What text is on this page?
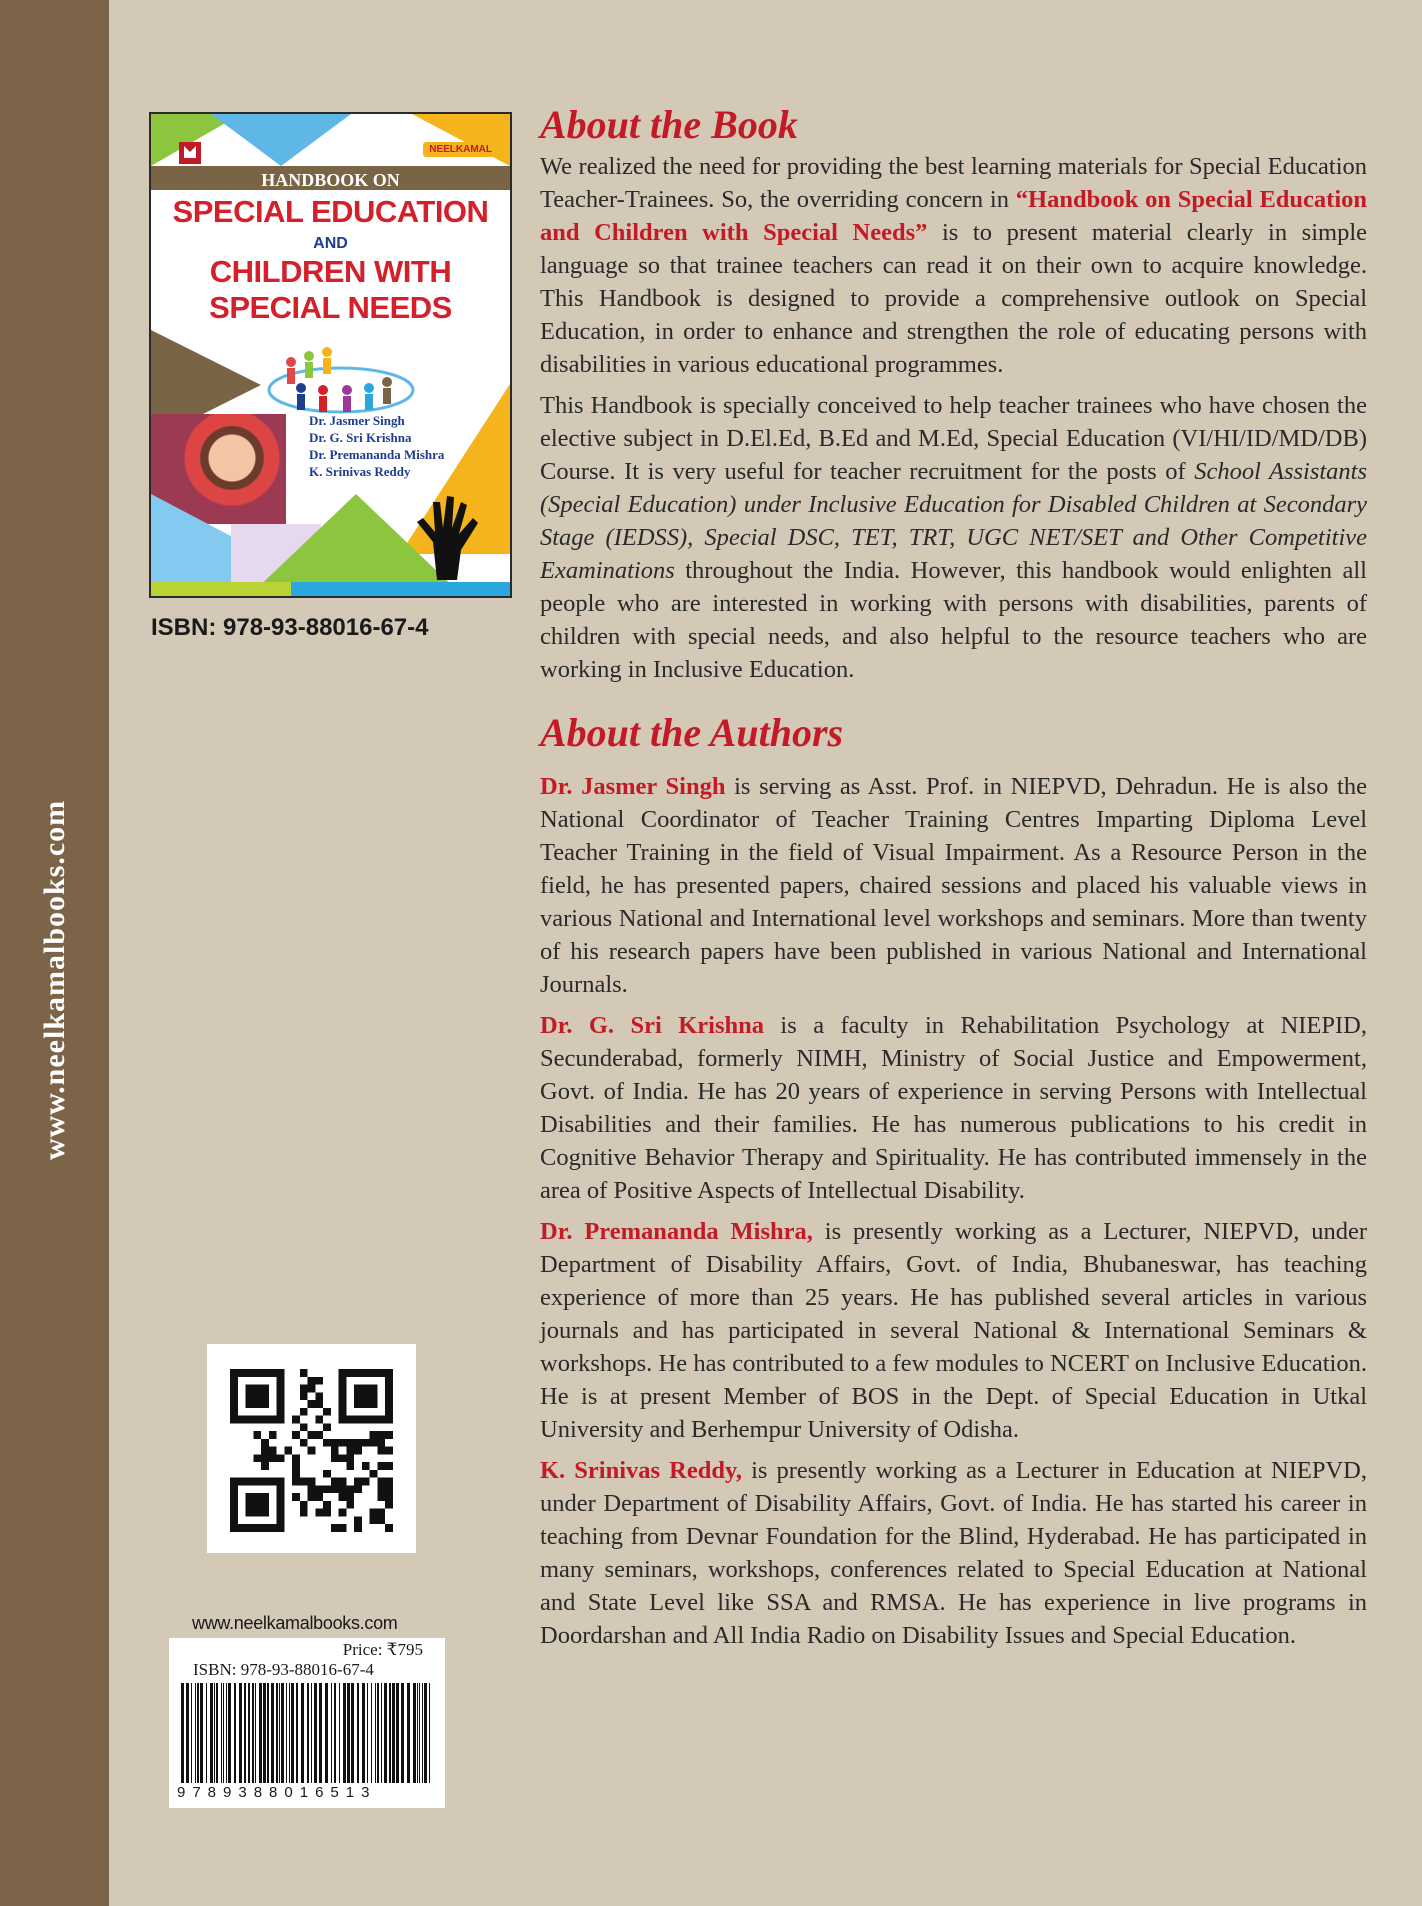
www.neelkamalbooks.com
NEELKAMAL
HANDBOOK ON
SPECIAL EDUCATION
AND
CHILDREN WITH
SPECIAL NEEDS
Dr. Jasmer Singh
Dr. G. Sri Krishna
Dr. Premananda Mishra
K. Srinivas Reddy
ISBN: 978-93-88016-67-4
www.neelkamalbooks.com
Price: ₹795
ISBN: 978-93-88016-67-4
9789388016513
About the Book

We realized the need for providing the best learning materials for Special Education Teacher-Trainees. So, the overriding concern in “Handbook on Special Education and Children with Special Needs” is to present material clearly in simple language so that trainee teachers can read it on their own to acquire knowledge. This Handbook is designed to provide a comprehensive outlook on Special Education, in order to enhance and strengthen the role of educating persons with disabilities in various educational programmes.

This Handbook is specially conceived to help teacher trainees who have chosen the elective subject in D.El.Ed, B.Ed and M.Ed, Special Education (VI/HI/ID/MD/DB) Course. It is very useful for teacher recruitment for the posts of School Assistants (Special Education) under Inclusive Education for Disabled Children at Secondary Stage (IEDSS), Special DSC, TET, TRT, UGC NET/SET and Other Competitive Examinations throughout the India. However, this handbook would enlighten all people who are interested in working with persons with disabilities, parents of children with special needs, and also helpful to the resource teachers who are working in Inclusive Education.

About the Authors

Dr. Jasmer Singh is serving as Asst. Prof. in NIEPVD, Dehradun. He is also the National Coordinator of Teacher Training Centres Imparting Diploma Level Teacher Training in the field of Visual Impairment. As a Resource Person in the field, he has presented papers, chaired sessions and placed his valuable views in various National and International level workshops and seminars. More than twenty of his research papers have been published in various National and International Journals.

Dr. G. Sri Krishna is a faculty in Rehabilitation Psychology at NIEPID, Secunderabad, formerly NIMH, Ministry of Social Justice and Empowerment, Govt. of India. He has 20 years of experience in serving Persons with Intellectual Disabilities and their families. He has numerous publications to his credit in Cognitive Behavior Therapy and Spirituality. He has contributed immensely in the area of Positive Aspects of Intellectual Disability.

Dr. Premananda Mishra, is presently working as a Lecturer, NIEPVD, under Department of Disability Affairs, Govt. of India, Bhubaneswar, has teaching experience of more than 25 years. He has published several articles in various journals and has participated in several National & International Seminars & workshops. He has contributed to a few modules to NCERT on Inclusive Education. He is at present Member of BOS in the Dept. of Special Education in Utkal University and Berhempur University of Odisha.

K. Srinivas Reddy, is presently working as a Lecturer in Education at NIEPVD, under Department of Disability Affairs, Govt. of India. He has started his career in teaching from Devnar Foundation for the Blind, Hyderabad. He has participated in many seminars, workshops, conferences related to Special Education at National and State Level like SSA and RMSA. He has experience in live programs in Doordarshan and All India Radio on Disability Issues and Special Education.
